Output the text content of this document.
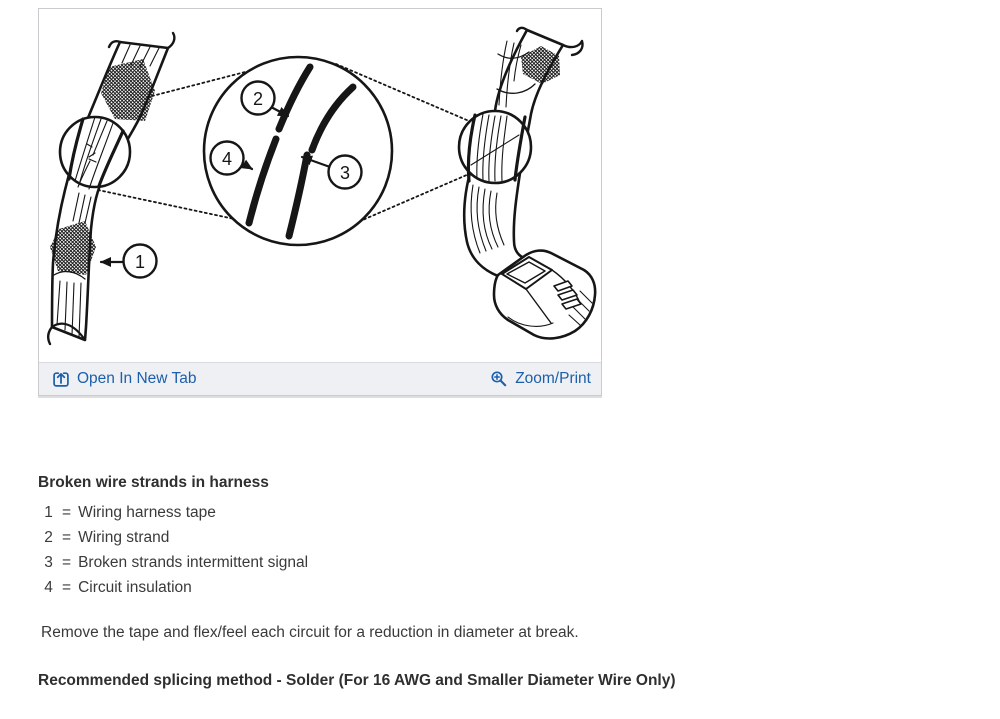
1
2
4
3
Open In New Tab	Zoom/Print
Broken wire strands in harness
1 = Wiring harness tape
2 = Wiring strand
3 = Broken strands intermittent signal
4 = Circuit insulation
Remove the tape and flex/feel each circuit for a reduction in diameter at break.
Recommended splicing method - Solder (For 16 AWG and Smaller Diameter Wire Only)
